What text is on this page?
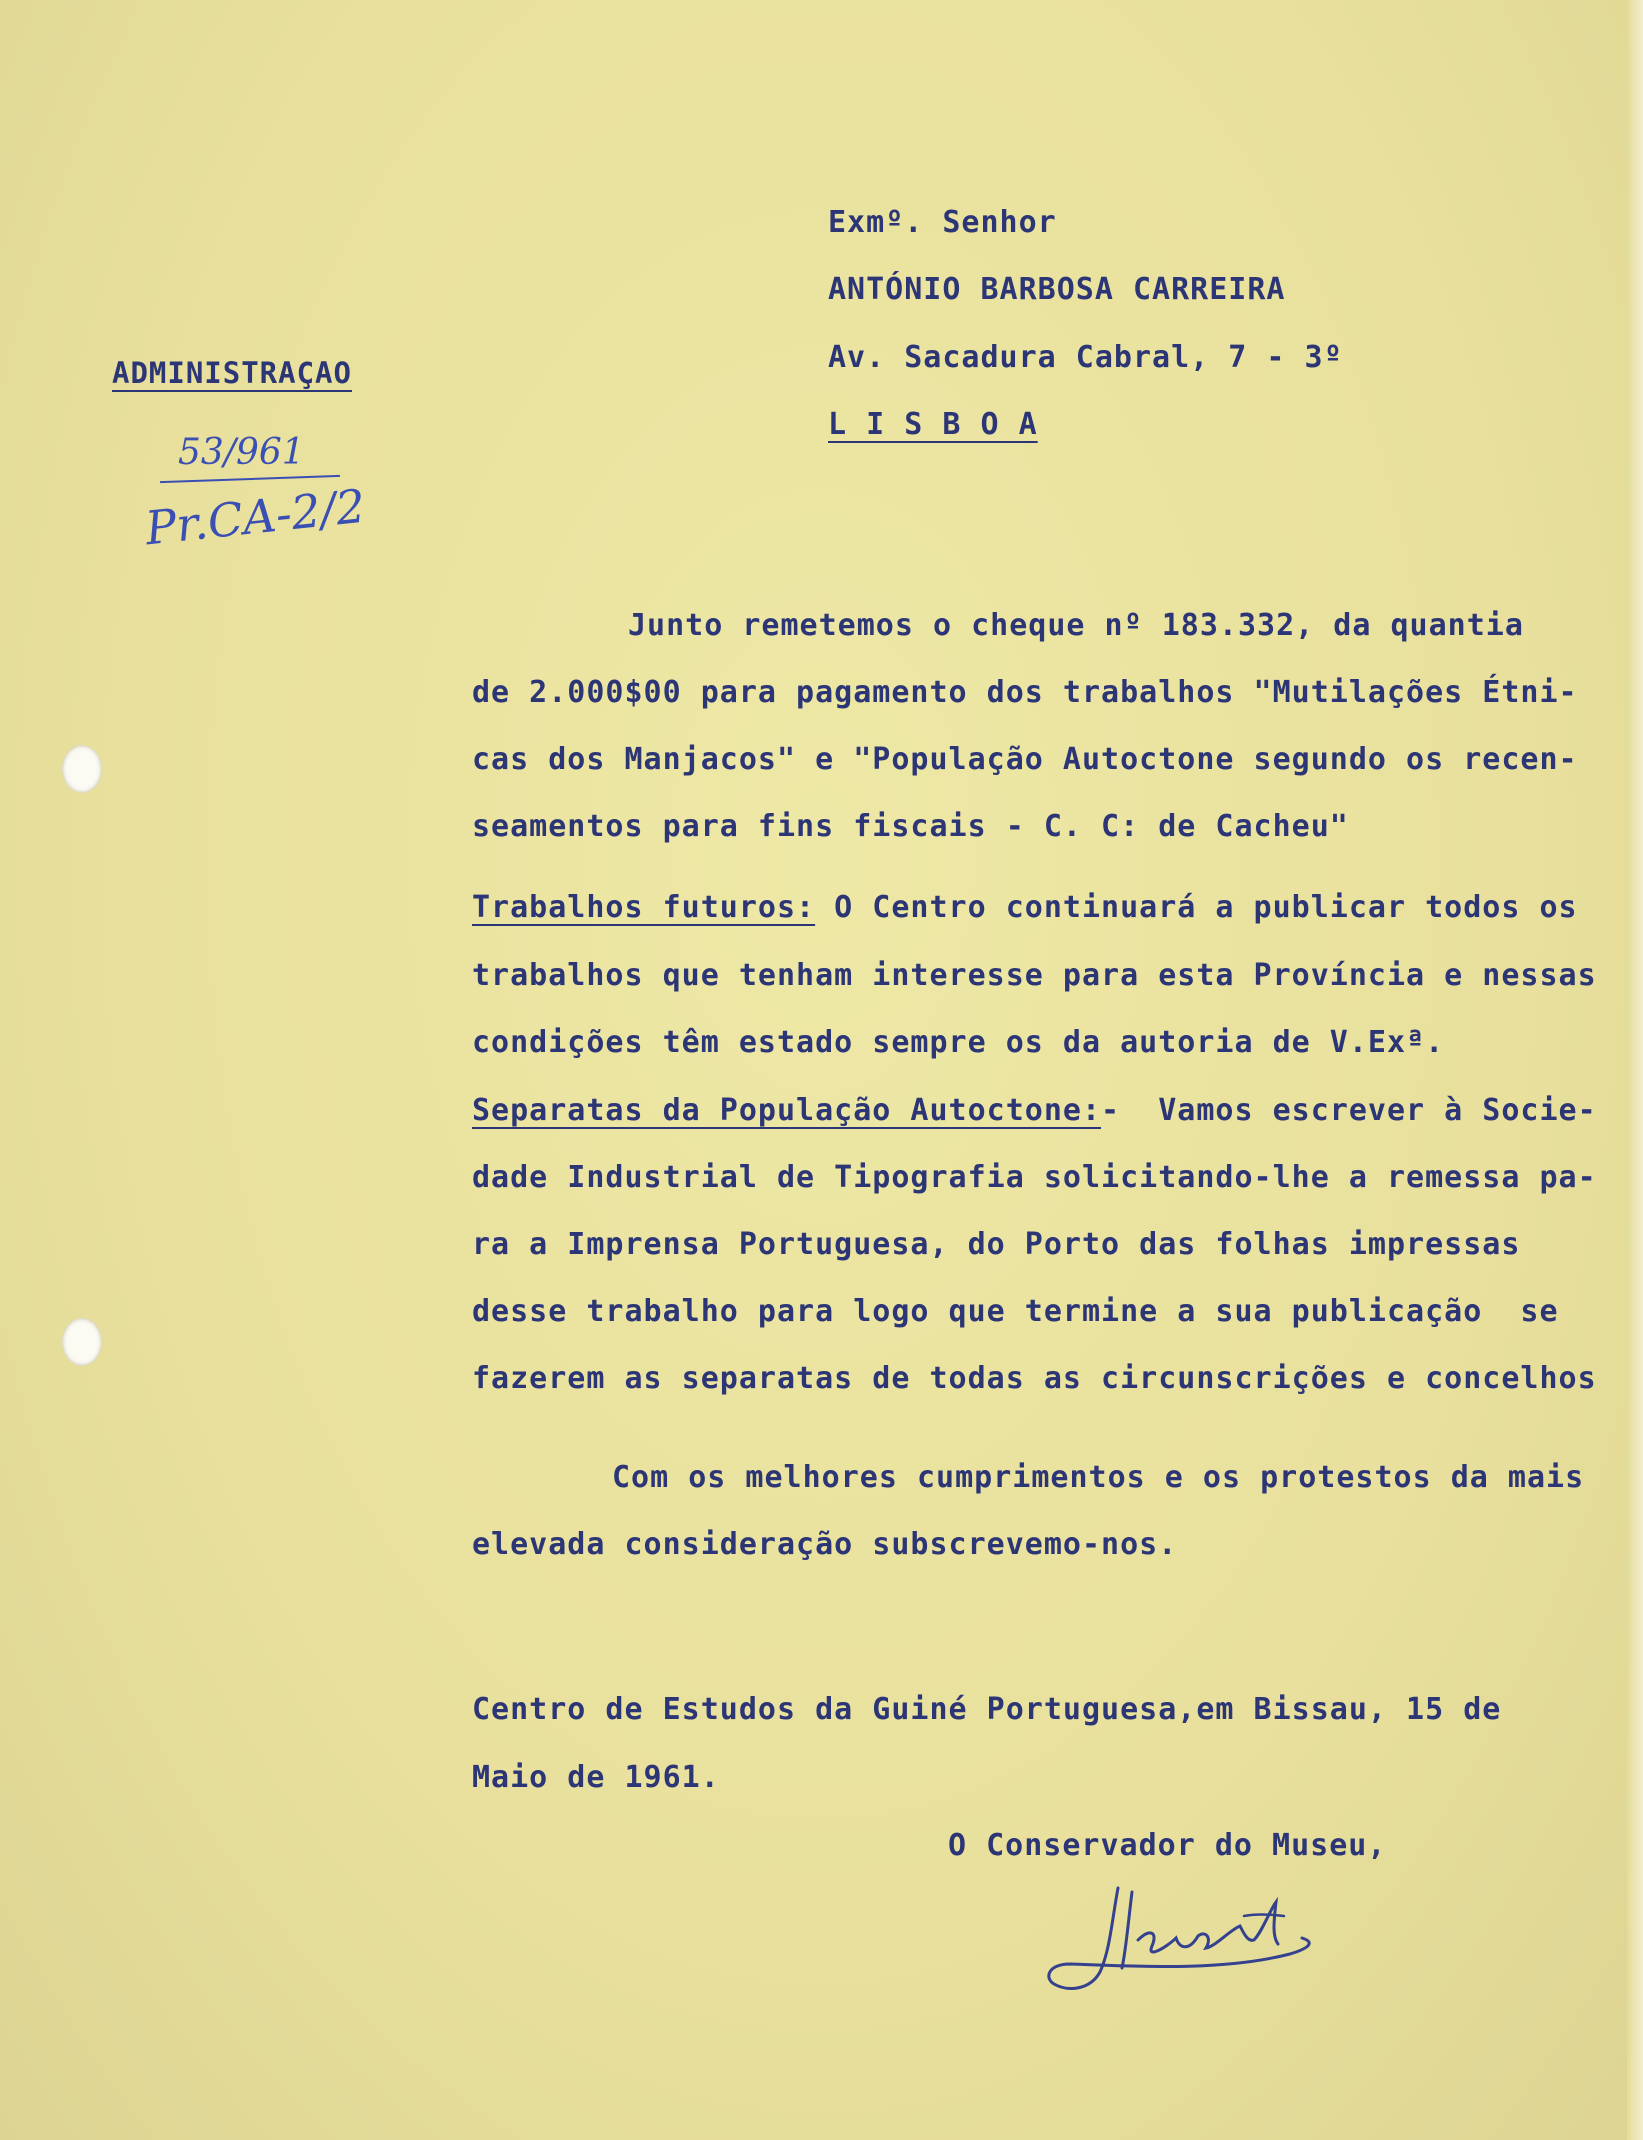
ADMINISTRAÇAO
53/961
Pr.CA-2/2
Exmº. Senhor
ANTÓNIO BARBOSA CARREIRA
Av. Sacadura Cabral, 7 - 3º
L I S B O A
Junto remetemos o cheque nº 183.332, da quantia
de 2.000$00 para pagamento dos trabalhos "Mutilações Étni-
cas dos Manjacos" e "População Autoctone segundo os recen-
seamentos para fins fiscais - C. C: de Cacheu"
Trabalhos futuros: O Centro continuará a publicar todos os
trabalhos que tenham interesse para esta Província e nessas
condições têm estado sempre os da autoria de V.Exª.
Separatas da População Autoctone:-  Vamos escrever à Socie-
dade Industrial de Tipografia solicitando-lhe a remessa pa-
ra a Imprensa Portuguesa, do Porto das folhas impressas
desse trabalho para logo que termine a sua publicação  se
fazerem as separatas de todas as circunscrições e concelhos
Com os melhores cumprimentos e os protestos da mais
elevada consideração subscrevemo-nos.
Centro de Estudos da Guiné Portuguesa,em Bissau, 15 de
Maio de 1961.
O Conservador do Museu,
